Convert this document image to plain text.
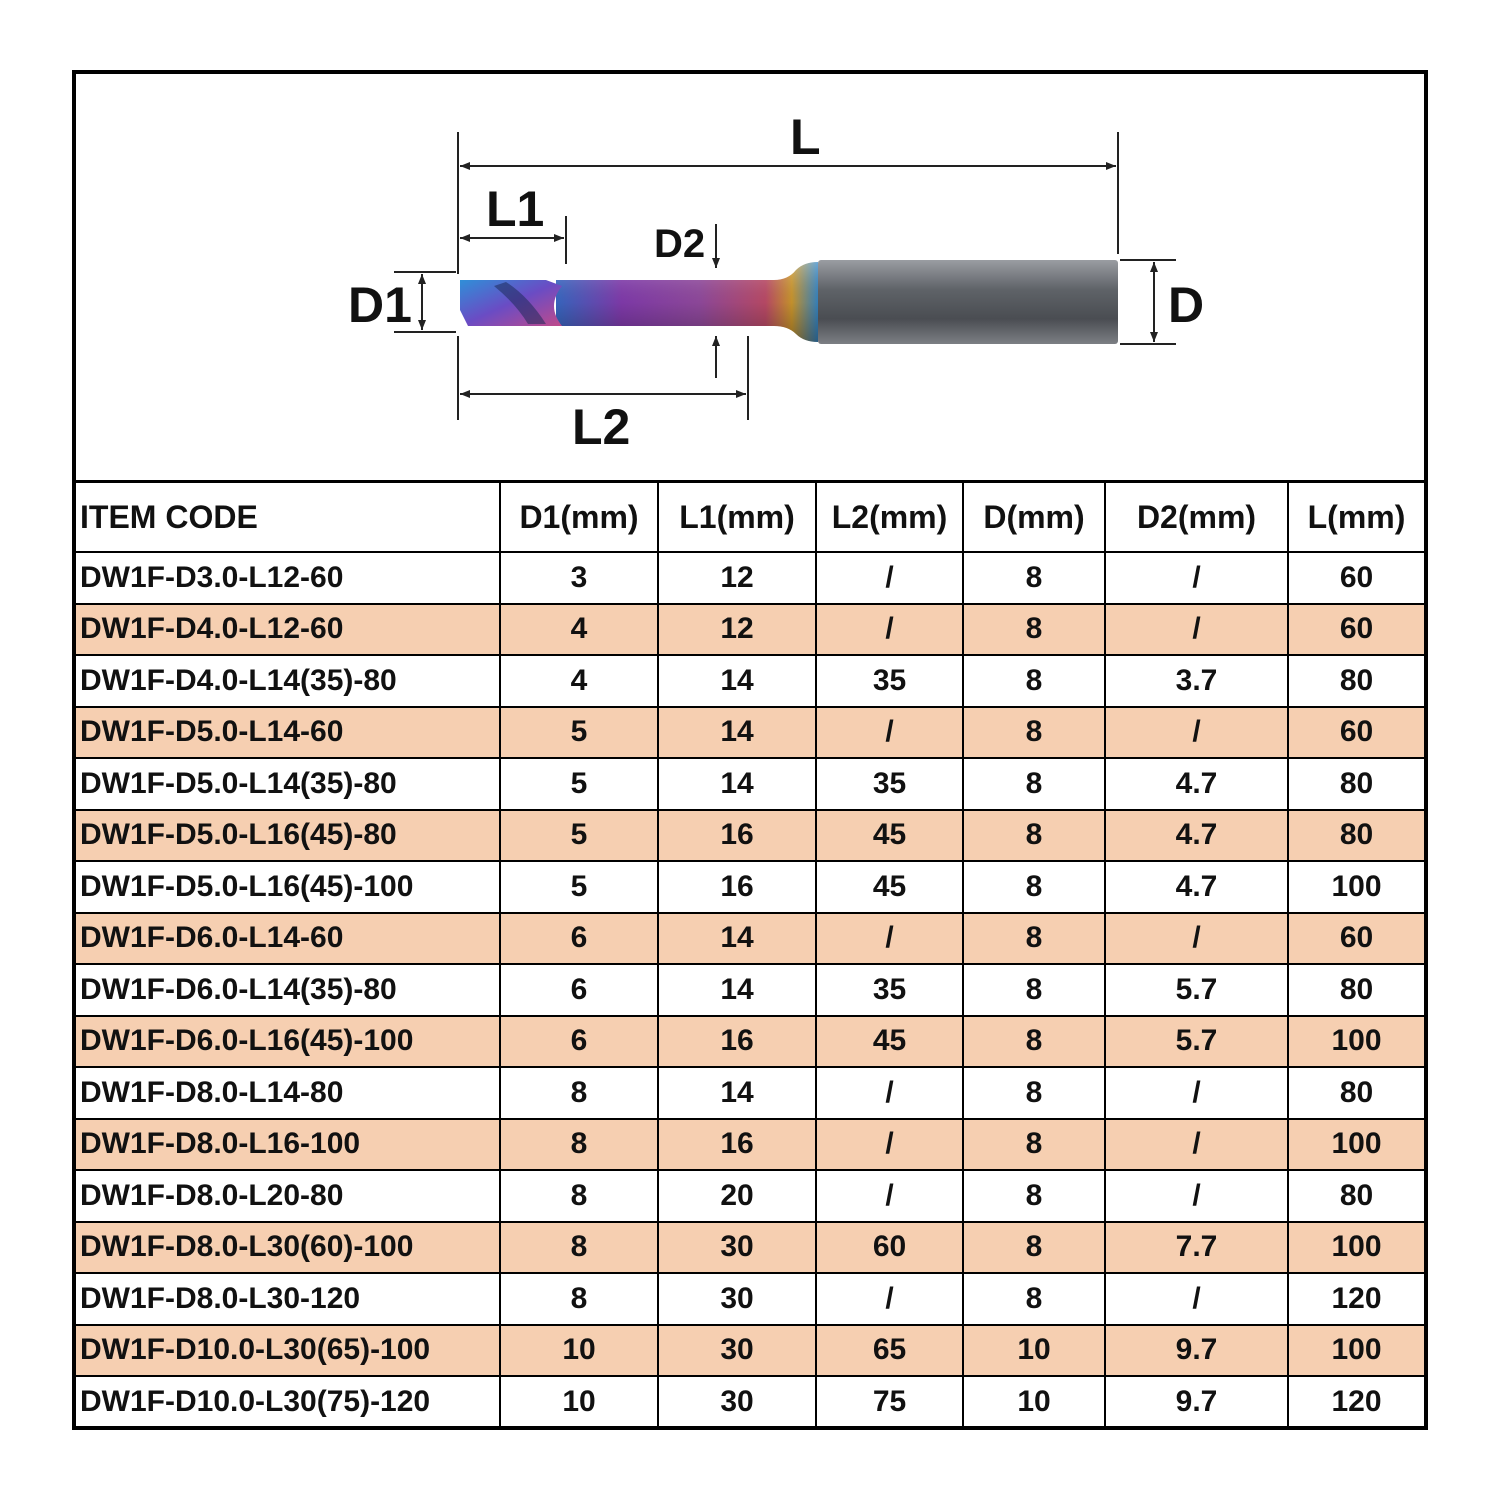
L
L1
L2
D1
D2
D
ITEM CODE	D1(mm)	L1(mm)	L2(mm)	D(mm)	D2(mm)	L(mm)
DW1F-D3.0-L12-60	3	12	/	8	/	60
DW1F-D4.0-L12-60	4	12	/	8	/	60
DW1F-D4.0-L14(35)-80	4	14	35	8	3.7	80
DW1F-D5.0-L14-60	5	14	/	8	/	60
DW1F-D5.0-L14(35)-80	5	14	35	8	4.7	80
DW1F-D5.0-L16(45)-80	5	16	45	8	4.7	80
DW1F-D5.0-L16(45)-100	5	16	45	8	4.7	100
DW1F-D6.0-L14-60	6	14	/	8	/	60
DW1F-D6.0-L14(35)-80	6	14	35	8	5.7	80
DW1F-D6.0-L16(45)-100	6	16	45	8	5.7	100
DW1F-D8.0-L14-80	8	14	/	8	/	80
DW1F-D8.0-L16-100	8	16	/	8	/	100
DW1F-D8.0-L20-80	8	20	/	8	/	80
DW1F-D8.0-L30(60)-100	8	30	60	8	7.7	100
DW1F-D8.0-L30-120	8	30	/	8	/	120
DW1F-D10.0-L30(65)-100	10	30	65	10	9.7	100
DW1F-D10.0-L30(75)-120	10	30	75	10	9.7	120
